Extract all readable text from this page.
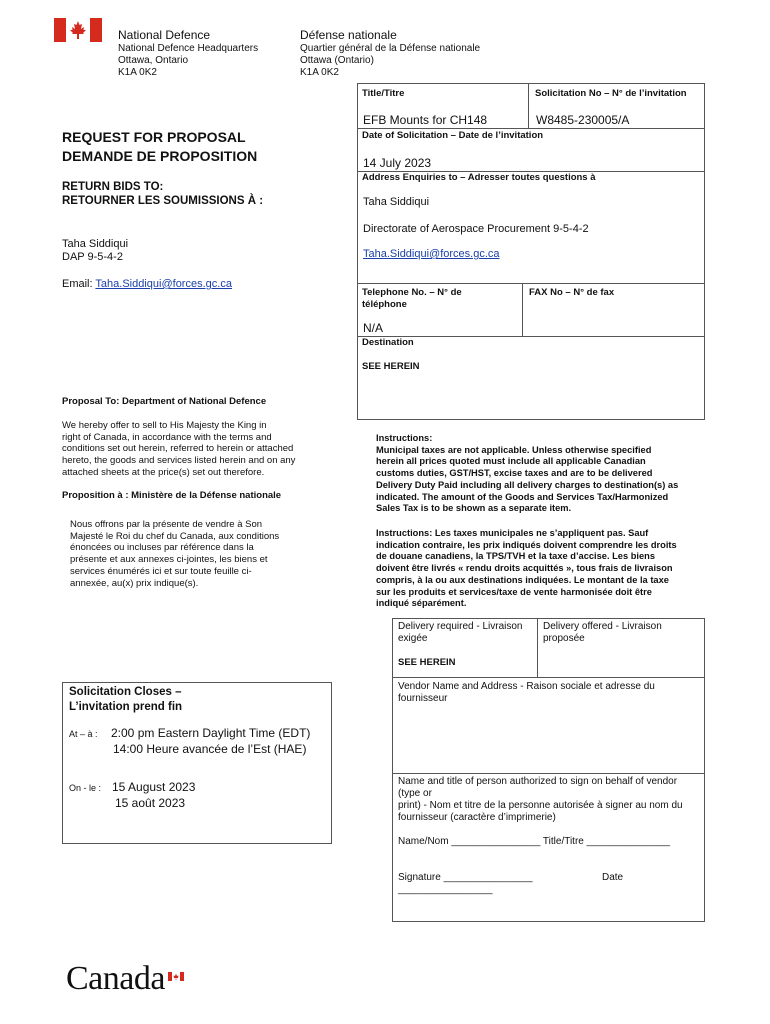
National Defence
National Defence Headquarters
Ottawa, Ontario
K1A 0K2
Défense nationale
Quartier général de la Défense nationale
Ottawa (Ontario)
K1A 0K2
Title/Titre	Solicitation No – N° de l’invitation
EFB Mounts for CH148	W8485-230005/A
Date of Solicitation – Date de l’invitation
14 July 2023
Address Enquiries to – Adresser toutes questions à
Taha Siddiqui
Directorate of Aerospace Procurement 9-5-4-2
Taha.Siddiqui@forces.gc.ca
Telephone No. – N° de
téléphone
FAX No – N° de fax
N/A
Destination
SEE HEREIN
REQUEST FOR PROPOSAL
DEMANDE DE PROPOSITION
RETURN BIDS TO:
RETOURNER LES SOUMISSIONS À :
Taha Siddiqui
DAP 9-5-4-2
Email: Taha.Siddiqui@forces.gc.ca
Proposal To: Department of National Defence
We hereby offer to sell to His Majesty the King in
right of Canada, in accordance with the terms and
conditions set out herein, referred to herein or attached
hereto, the goods and services listed herein and on any
attached sheets at the price(s) set out therefore.
Proposition à : Ministère de la Défense nationale
Nous offrons par la présente de vendre à Son
Majesté le Roi du chef du Canada, aux conditions
énoncées ou incluses par référence dans la
présente et aux annexes ci-jointes, les biens et
services énumérés ici et sur toute feuille ci-
annexée, au(x) prix indique(s).
Solicitation Closes –
L’invitation prend fin
At – à : 2:00 pm Eastern Daylight Time (EDT)
14:00 Heure avancée de l’Est (HAE)
On - le : 15 August 2023
15 août 2023
Instructions:
Municipal taxes are not applicable. Unless otherwise specified
herein all prices quoted must include all applicable Canadian
customs duties, GST/HST, excise taxes and are to be delivered
Delivery Duty Paid including all delivery charges to destination(s) as
indicated. The amount of the Goods and Services Tax/Harmonized
Sales Tax is to be shown as a separate item.
Instructions: Les taxes municipales ne s’appliquent pas. Sauf
indication contraire, les prix indiqués doivent comprendre les droits
de douane canadiens, la TPS/TVH et la taxe d’accise. Les biens
doivent être livrés « rendu droits acquittés », tous frais de livraison
compris, à la ou aux destinations indiquées. Le montant de la taxe
sur les produits et services/taxe de vente harmonisée doit être
indiqué séparément.
Delivery required - Livraison
exigée
Delivery offered - Livraison
proposée
SEE HEREIN
Vendor Name and Address - Raison sociale et adresse du
fournisseur
Name and title of person authorized to sign on behalf of vendor
(type or
print) - Nom et titre de la personne autorisée à signer au nom du
fournisseur (caractère d’imprimerie)
Name/Nom ________________ Title/Titre _______________
Signature ________________
_________________
Date
Canada
